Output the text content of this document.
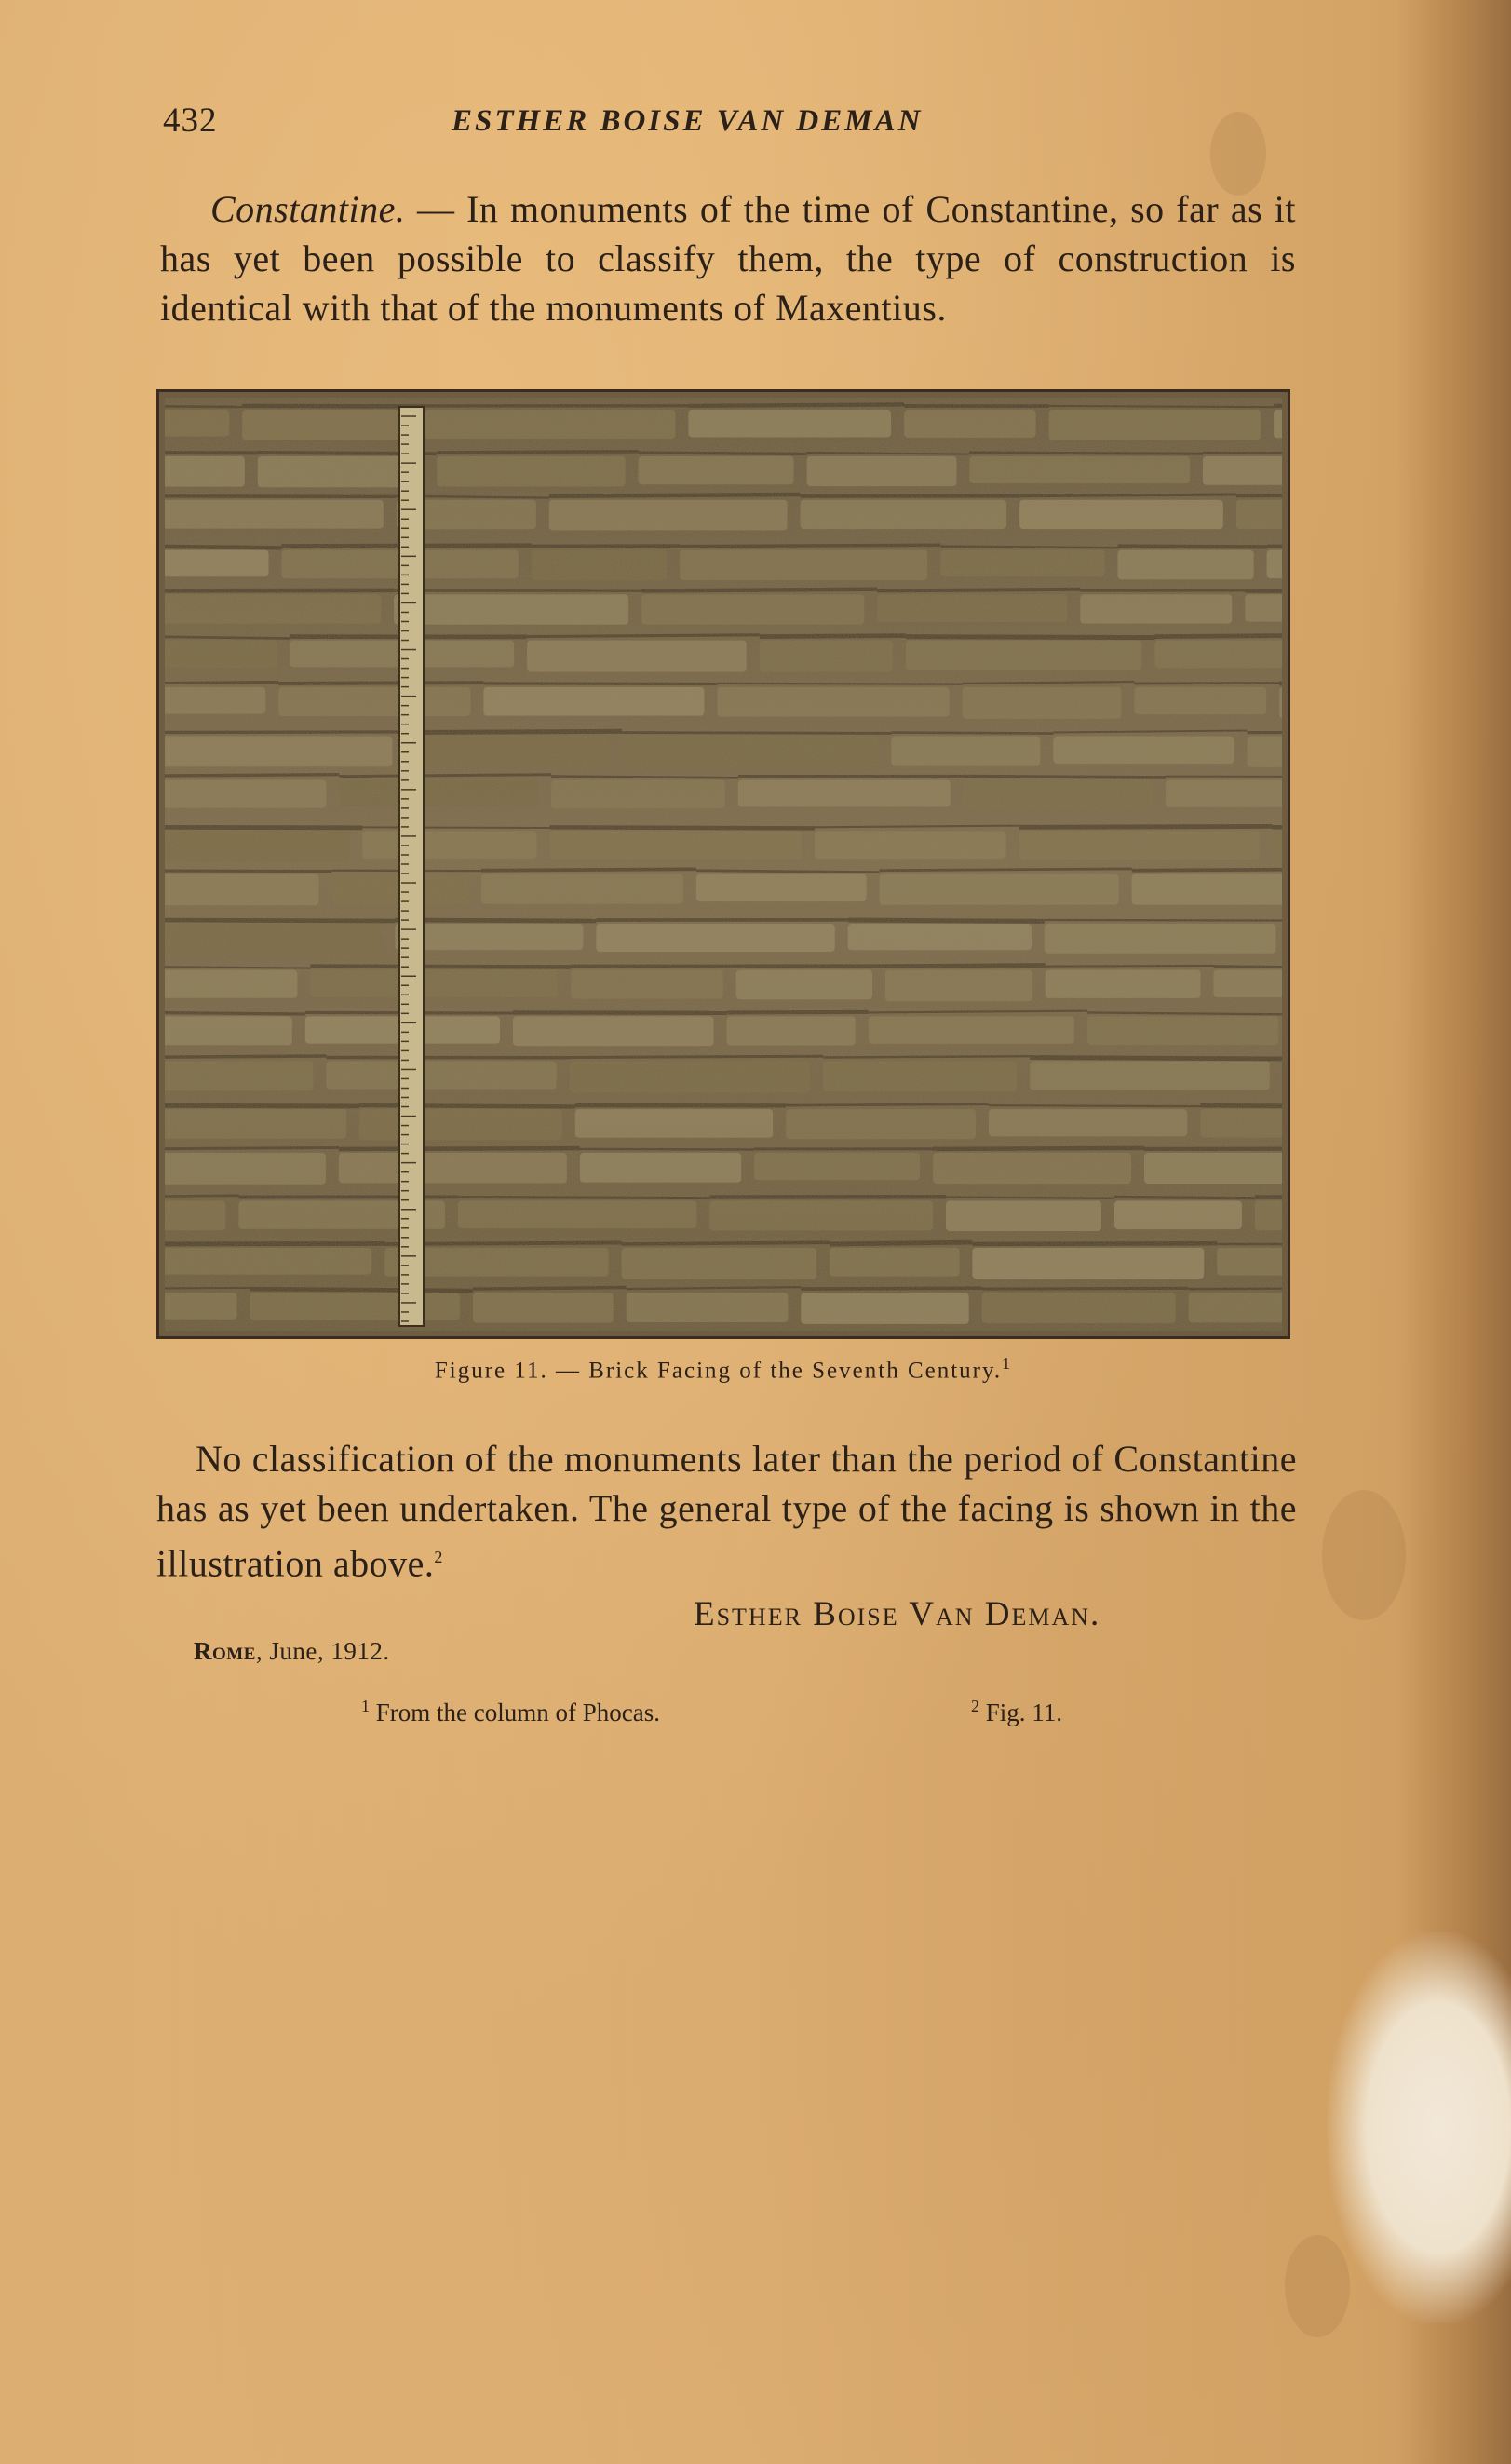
432	ESTHER BOISE VAN DEMAN

Constantine. — In monuments of the time of Constantine, so far as it has yet been possible to classify them, the type of construction is identical with that of the monuments of Maxentius.

Figure 11. — Brick Facing of the Seventh Century.$^1$

No classification of the monuments later than the period of Constantine has as yet been undertaken. The general type of the facing is shown in the illustration above.$^2$

Esther Boise Van Deman.
Rome, June, 1912.
$^1$ From the column of Phocas.	$^2$ Fig. 11.
